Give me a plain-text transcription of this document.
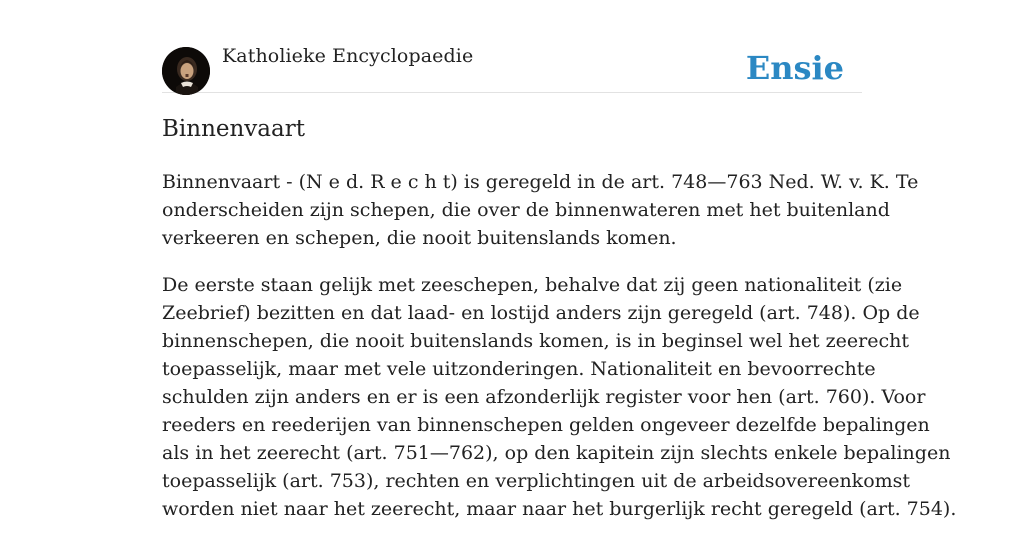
Katholieke Encyclopaedie	Ensie
Binnenvaart

Binnenvaart - (N e d. R e c h t) is geregeld in de art. 748—763 Ned. W. v. K. Te
onderscheiden zijn schepen, die over de binnenwateren met het buitenland
verkeeren en schepen, die nooit buitenslands komen.

De eerste staan gelijk met zeeschepen, behalve dat zij geen nationaliteit (zie
Zeebrief) bezitten en dat laad- en lostijd anders zijn geregeld (art. 748). Op de
binnenschepen, die nooit buitenslands komen, is in beginsel wel het zeerecht
toepasselijk, maar met vele uitzonderingen. Nationaliteit en bevoorrechte
schulden zijn anders en er is een afzonderlijk register voor hen (art. 760). Voor
reeders en reederijen van binnenschepen gelden ongeveer dezelfde bepalingen
als in het zeerecht (art. 751—762), op den kapitein zijn slechts enkele bepalingen
toepasselijk (art. 753), rechten en verplichtingen uit de arbeidsovereenkomst
worden niet naar het zeerecht, maar naar het burgerlijk recht geregeld (art. 754).
